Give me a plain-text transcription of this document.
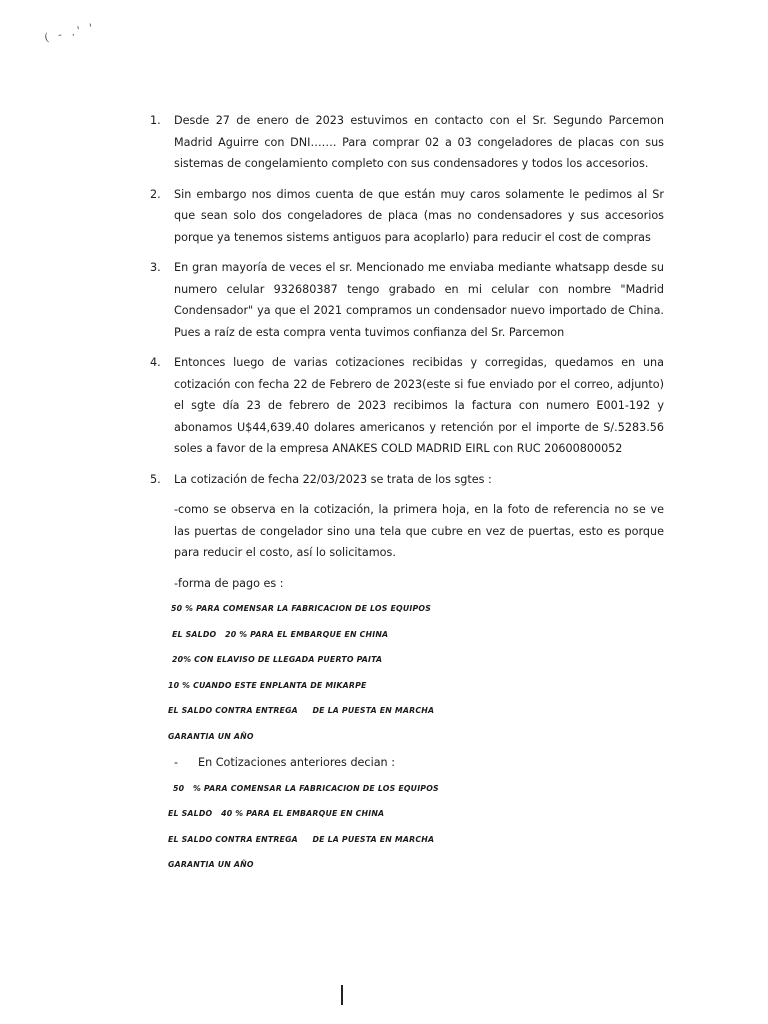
( - .' '
1. Desde 27 de enero de 2023 estuvimos en contacto con el Sr. Segundo Parcemon Madrid Aguirre con DNI……. Para comprar 02 a 03 congeladores de placas con sus sistemas de congelamiento completo con sus condensadores y todos los accesorios.

2. Sin embargo nos dimos cuenta de que están muy caros solamente le pedimos al Sr que sean solo dos congeladores de placa (mas no condensadores y sus accesorios porque ya tenemos sistems antiguos para acoplarlo) para reducir el cost de compras

3. En gran mayoría de veces el sr. Mencionado me enviaba mediante whatsapp desde su numero celular 932680387 tengo grabado en mi celular con nombre "Madrid Condensador" ya que el 2021 compramos un condensador nuevo importado de China. Pues a raíz de esta compra venta tuvimos confianza del Sr. Parcemon

4. Entonces luego de varias cotizaciones recibidas y corregidas, quedamos en una cotización con fecha 22 de Febrero de 2023(este si fue enviado por el correo, adjunto) el sgte día 23 de febrero de 2023 recibimos la factura con numero E001-192 y abonamos U$44,639.40 dolares americanos y retención por el importe de S/.5283.56 soles a favor de la empresa ANAKES COLD MADRID EIRL con RUC 20600800052

5. La cotización de fecha 22/03/2023 se trata de los sgtes :

-como se observa en la cotización, la primera hoja, en la foto de referencia no se ve las puertas de congelador sino una tela que cubre en vez de puertas, esto es porque para reducir el costo, así lo solicitamos.

-forma de pago es :

50 % PARA COMENSAR LA FABRICACION DE LOS EQUIPOS
EL SALDO   20 % PARA EL EMBARQUE EN CHINA
20% CON ELAVISO DE LLEGADA PUERTO PAITA
10 % CUANDO ESTE ENPLANTA DE MIKARPE
EL SALDO CONTRA ENTREGA     DE LA PUESTA EN MARCHA
GARANTIA UN AÑO
- En Cotizaciones anteriores decian :
50   % PARA COMENSAR LA FABRICACION DE LOS EQUIPOS
EL SALDO   40 % PARA EL EMBARQUE EN CHINA
EL SALDO CONTRA ENTREGA     DE LA PUESTA EN MARCHA
GARANTIA UN AÑO
